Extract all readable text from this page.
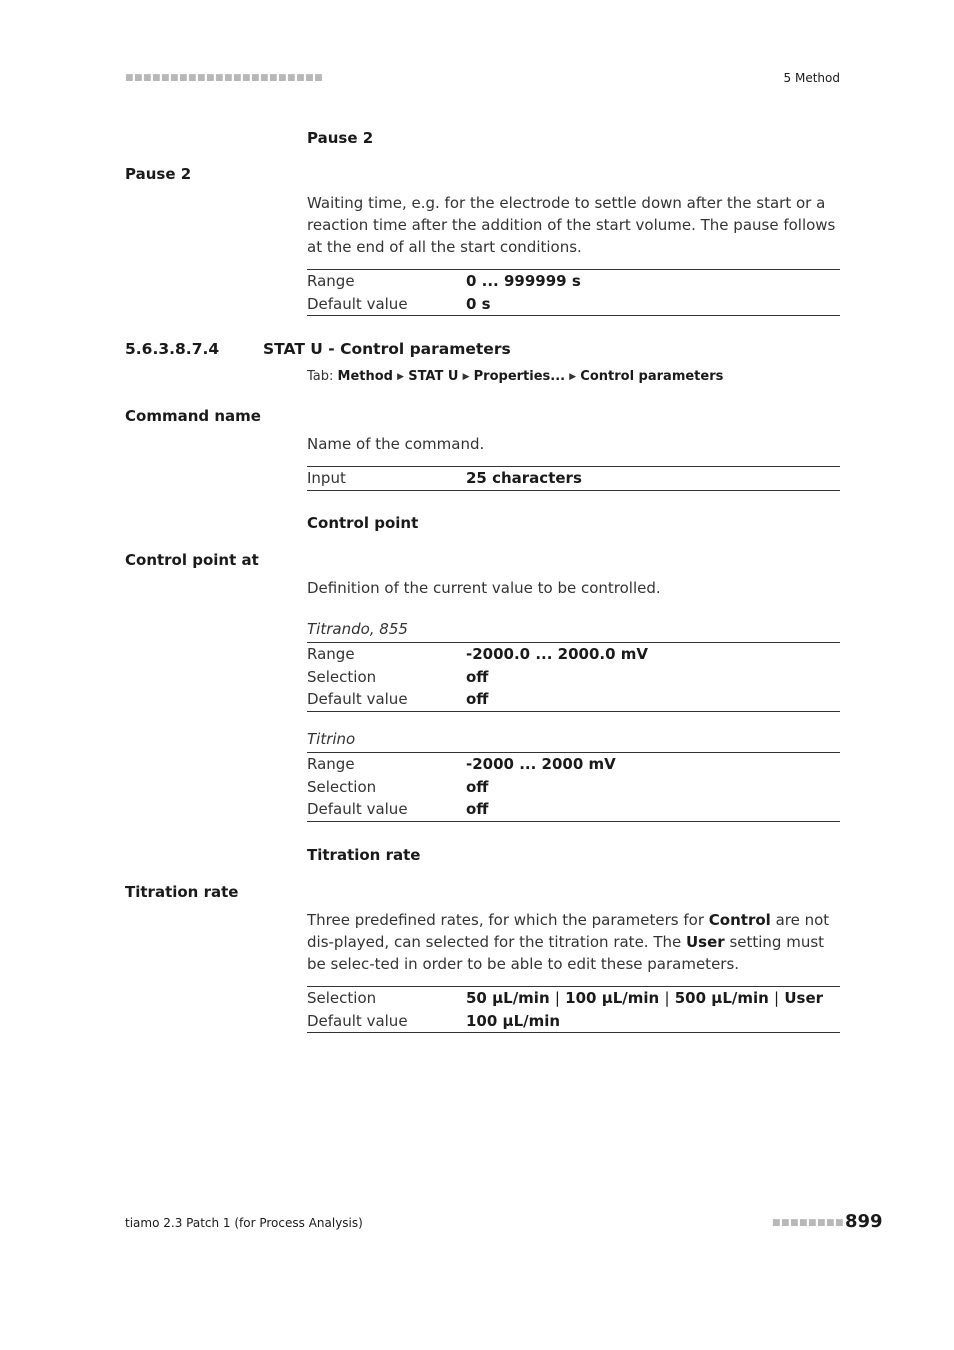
■■■■■■■■■■■■■■■■■■■■■■	5 Method
Pause 2
Pause 2
Waiting time, e.g. for the electrode to settle down after the start or a reaction time after the addition of the start volume. The pause follows at the end of all the start conditions.
Range	0 ... 999999 s
Default value	0 s
5.6.3.8.7.4	STAT U - Control parameters
Tab: Method ▶ STAT U ▶ Properties... ▶ Control parameters
Command name
Name of the command.
Input	25 characters
Control point
Control point at
Definition of the current value to be controlled.
Titrando, 855
Range	-2000.0 ... 2000.0 mV
Selection	off
Default value	off
Titrino
Range	-2000 ... 2000 mV
Selection	off
Default value	off
Titration rate
Titration rate
Three predefined rates, for which the parameters for Control are not dis-played, can selected for the titration rate. The User setting must be selec-ted in order to be able to edit these parameters.
Selection	50 µL/min | 100 µL/min | 500 µL/min | User
Default value	100 µL/min
tiamo 2.3 Patch 1 (for Process Analysis)	■■■■■■■■ 899
